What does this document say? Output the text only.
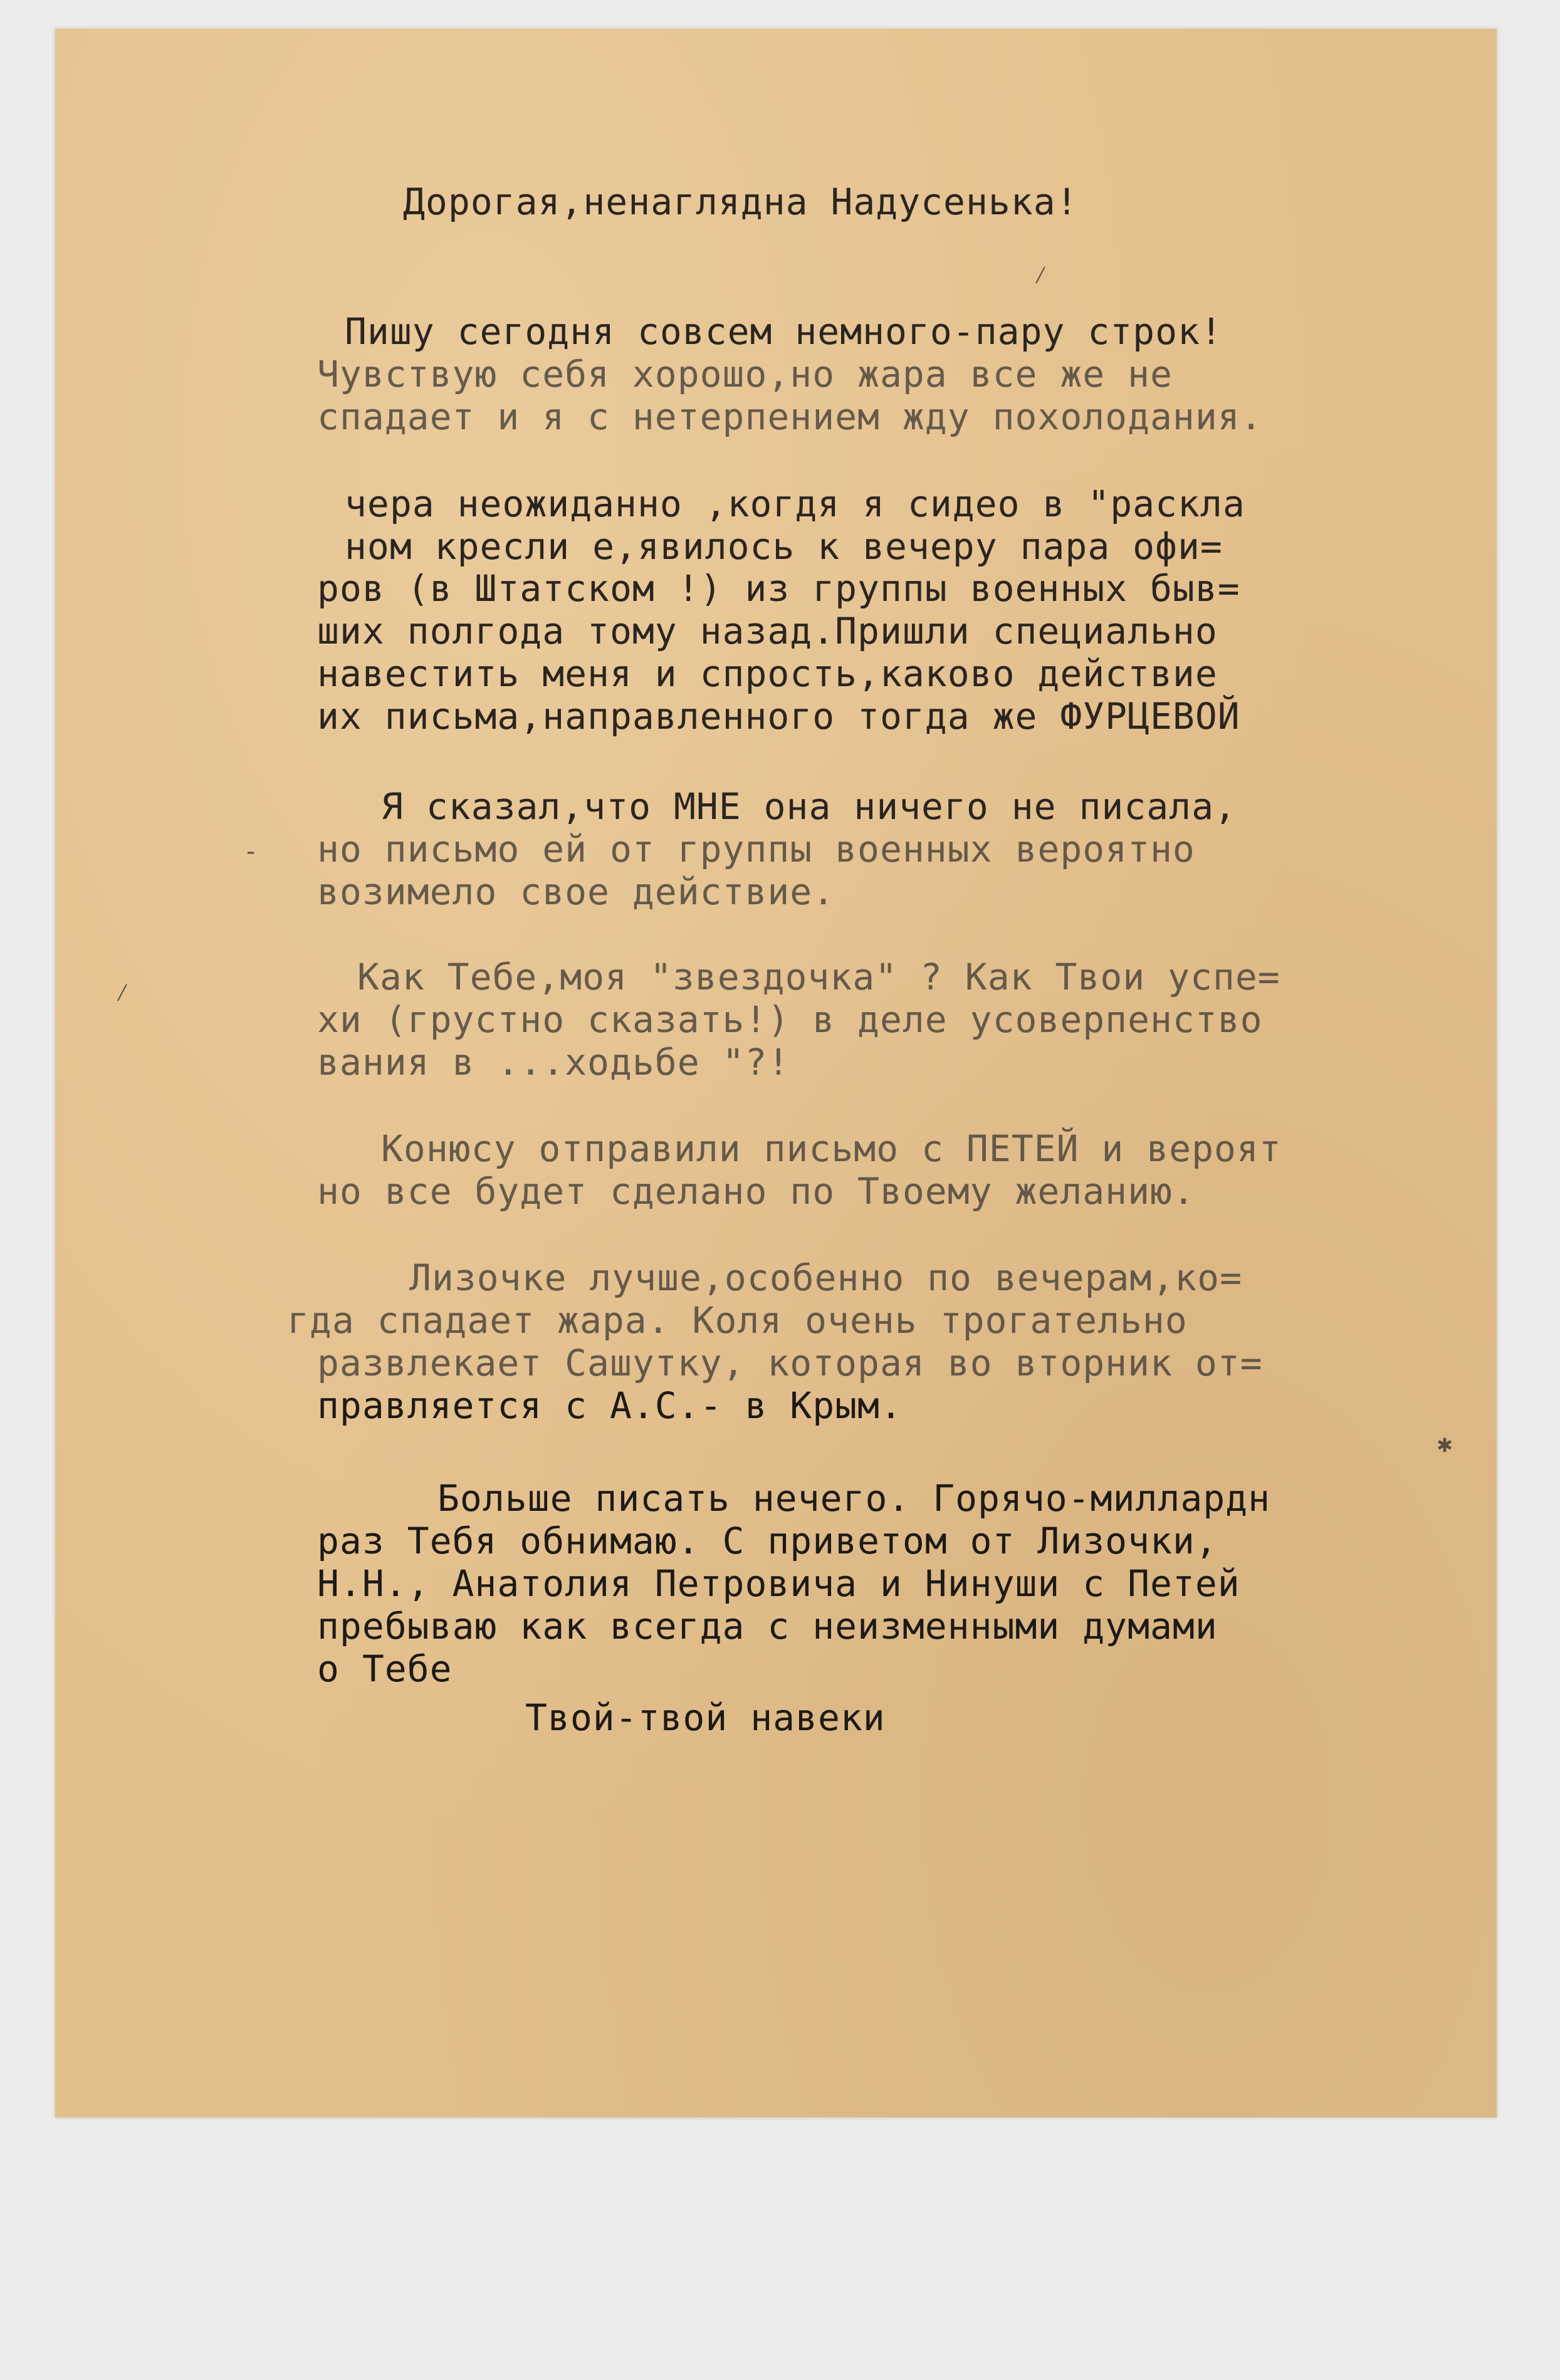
Дорогая,ненаглядна Надусенька!

⁄

Пишу сегодня совсем немного-пару строк!

Чувствую себя хорошо,но жара все же не

спадает и я с нетерпением жду похолодания.

чера неожиданно ,когдя я сидео в "раскла

ном кресли е,явилось к вечеру пара офи=

ров (в Штатском !) из группы военных быв=

ших полгода тому назад.Пришли специально

навестить меня и спрость,каково действие

их письма,направленного тогда же ФУРЦЕВОЙ

Я сказал,что МНЕ она ничего не писала,

но письмо ей от группы военных вероятно

возимело свое действие.

-

Как Тебе,моя "звездочка" ? Как Твои успе=

хи (грустно сказать!) в деле усоверпенство

вания в ...ходьбе "?!

⁄

Конюсу отправили письмо с ПЕТЕЙ и вероят

но все будет сделано по Твоему желанию.

Лизочке лучше,особенно по вечерам,ко=

гда спадает жара. Коля очень трогательно

развлекает Сашутку, которая во вторник от=

правляется с А.С.- в Крым.

✱

Больше писать нечего. Горячо-миллардн

раз Тебя обнимаю. С приветом от Лизочки,

Н.Н., Анатолия Петровича и Нинуши с Петей

пребываю как всегда с неизменными думами

о Тебе

Твой-твой навеки
